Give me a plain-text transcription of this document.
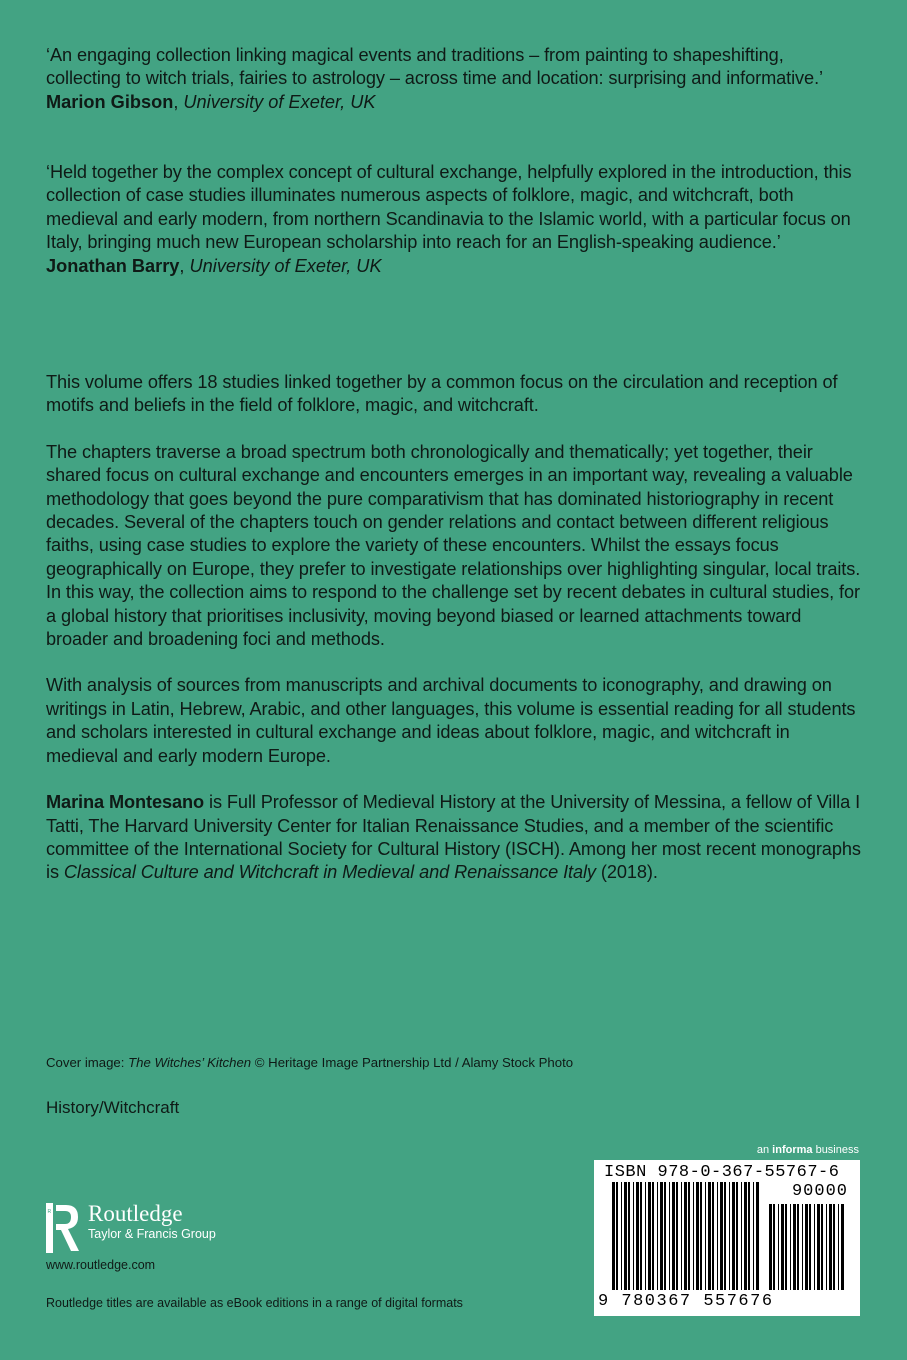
‘An engaging collection linking magical events and traditions – from painting to shapeshifting, collecting to witch trials, fairies to astrology – across time and location: surprising and informative.’

Marion Gibson, University of Exeter, UK

‘Held together by the complex concept of cultural exchange, helpfully explored in the introduction, this collection of case studies illuminates numerous aspects of folklore, magic, and witchcraft, both medieval and early modern, from northern Scandinavia to the Islamic world, with a particular focus on Italy, bringing much new European scholarship into reach for an English-speaking audience.’

Jonathan Barry, University of Exeter, UK

This volume offers 18 studies linked together by a common focus on the circulation and reception of motifs and beliefs in the field of folklore, magic, and witchcraft.

The chapters traverse a broad spectrum both chronologically and thematically; yet together, their shared focus on cultural exchange and encounters emerges in an important way, revealing a valuable methodology that goes beyond the pure comparativism that has dominated historiography in recent decades. Several of the chapters touch on gender relations and contact between different religious faiths, using case studies to explore the variety of these encounters. Whilst the essays focus geographically on Europe, they prefer to investigate relationships over highlighting singular, local traits. In this way, the collection aims to respond to the challenge set by recent debates in cultural studies, for a global history that prioritises inclusivity, moving beyond biased or learned attachments toward broader and broadening foci and methods.

With analysis of sources from manuscripts and archival documents to iconography, and drawing on writings in Latin, Hebrew, Arabic, and other languages, this volume is essential reading for all students and scholars interested in cultural exchange and ideas about folklore, magic, and witchcraft in medieval and early modern Europe.

Marina Montesano is Full Professor of Medieval History at the University of Messina, a fellow of Villa I Tatti, The Harvard University Center for Italian Renaissance Studies, and a member of the scientific committee of the International Society for Cultural History (ISCH). Among her most recent monographs is Classical Culture and Witchcraft in Medieval and Renaissance Italy (2018).

Cover image: The Witches’ Kitchen © Heritage Image Partnership Ltd / Alamy Stock Photo
History/Witchcraft
R Routledge
Taylor & Francis Group
www.routledge.com
Routledge titles are available as eBook editions in a range of digital formats
an informa business
ISBN 978-0-367-55767-6
90000
9 780367 557676
